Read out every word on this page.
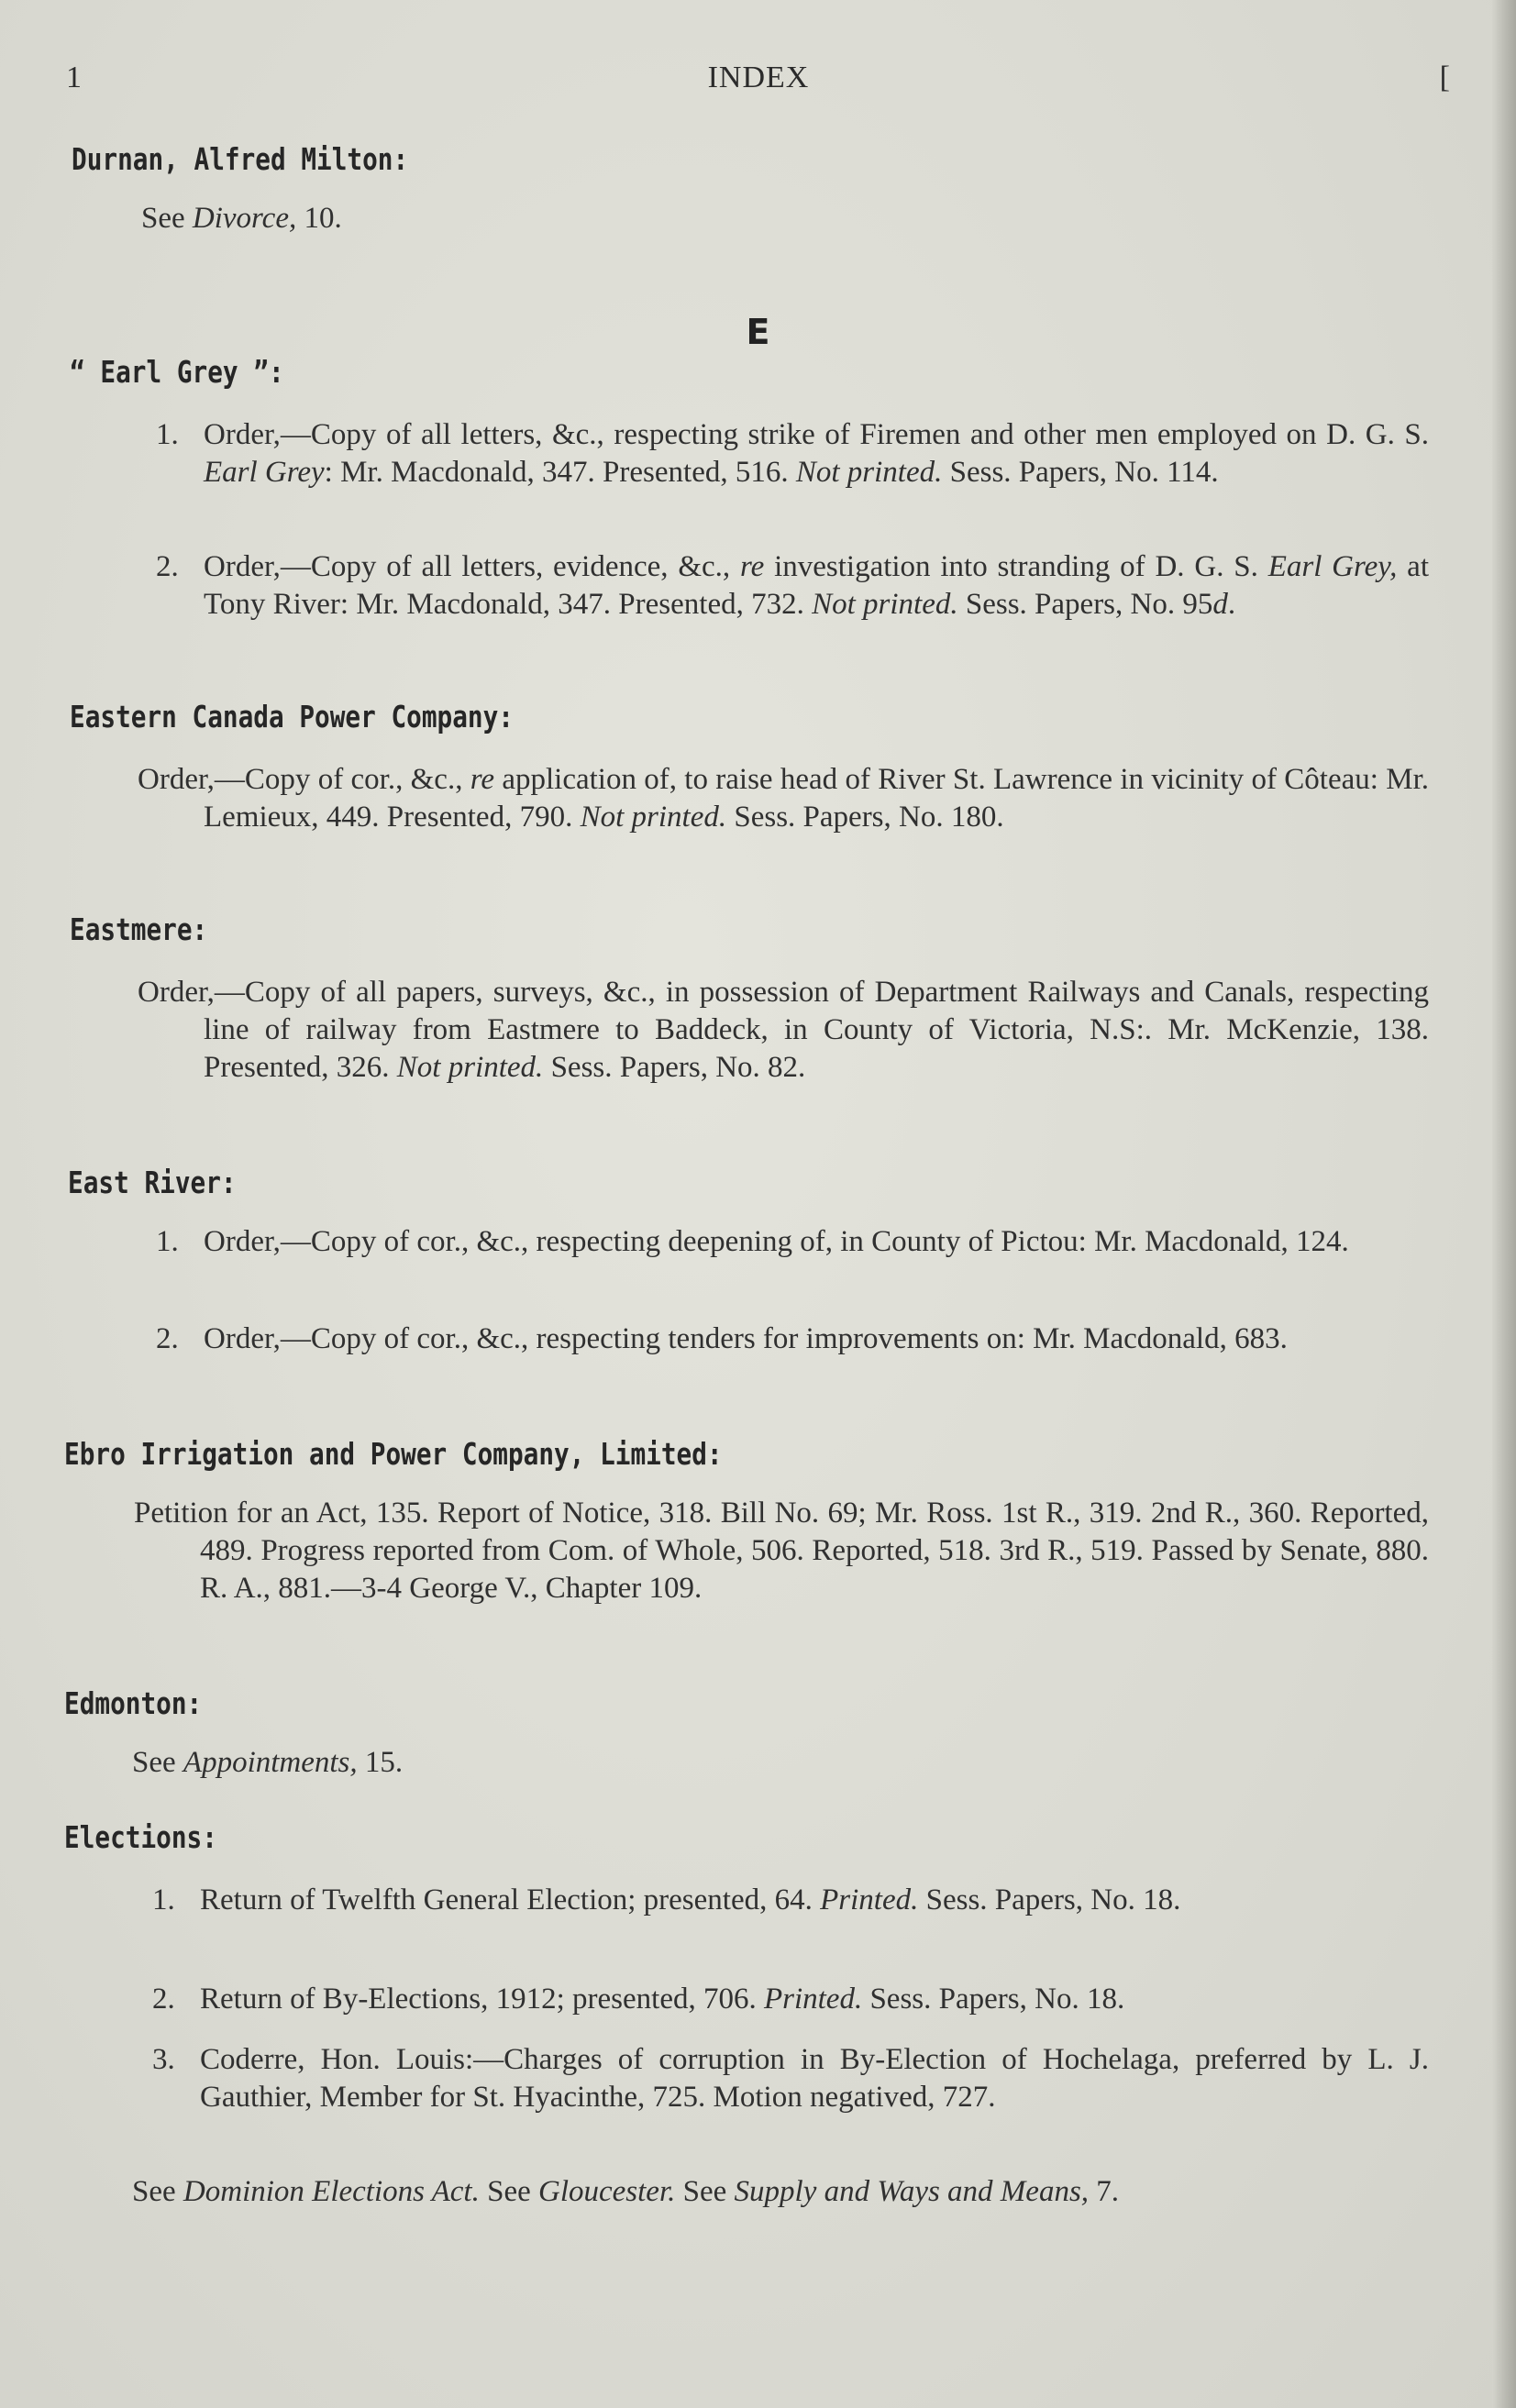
1	INDEX	[
Durnan, Alfred Milton:
See Divorce, 10.
E
“ Earl Grey ”:
1. Order,—Copy of all letters, &c., respecting strike of Firemen and other men employed on D. G. S. Earl Grey: Mr. Macdonald, 347. Presented, 516. Not printed. Sess. Papers, No. 114.
2. Order,—Copy of all letters, evidence, &c., re investigation into stranding of D. G. S. Earl Grey, at Tony River: Mr. Macdonald, 347. Presented, 732. Not printed. Sess. Papers, No. 95d.
Eastern Canada Power Company:
Order,—Copy of cor., &c., re application of, to raise head of River St. Lawrence in vicinity of Côteau: Mr. Lemieux, 449. Presented, 790. Not printed. Sess. Papers, No. 180.
Eastmere:
Order,—Copy of all papers, surveys, &c., in possession of Department Railways and Canals, respecting line of railway from Eastmere to Baddeck, in County of Victoria, N.S:. Mr. McKenzie, 138. Presented, 326. Not printed. Sess. Papers, No. 82.
East River:
1. Order,—Copy of cor., &c., respecting deepening of, in County of Pictou: Mr. Macdonald, 124.
2. Order,—Copy of cor., &c., respecting tenders for improvements on: Mr. Macdonald, 683.
Ebro Irrigation and Power Company, Limited:
Petition for an Act, 135. Report of Notice, 318. Bill No. 69; Mr. Ross. 1st R., 319. 2nd R., 360. Reported, 489. Progress reported from Com. of Whole, 506. Reported, 518. 3rd R., 519. Passed by Senate, 880. R. A., 881.—3-4 George V., Chapter 109.
Edmonton:
See Appointments, 15.
Elections:
1. Return of Twelfth General Election; presented, 64. Printed. Sess. Papers, No. 18.
2. Return of By-Elections, 1912; presented, 706. Printed. Sess. Papers, No. 18.
3. Coderre, Hon. Louis:—Charges of corruption in By-Election of Hochelaga, preferred by L. J. Gauthier, Member for St. Hyacinthe, 725. Motion negatived, 727.
See Dominion Elections Act. See Gloucester. See Supply and Ways and Means, 7.
